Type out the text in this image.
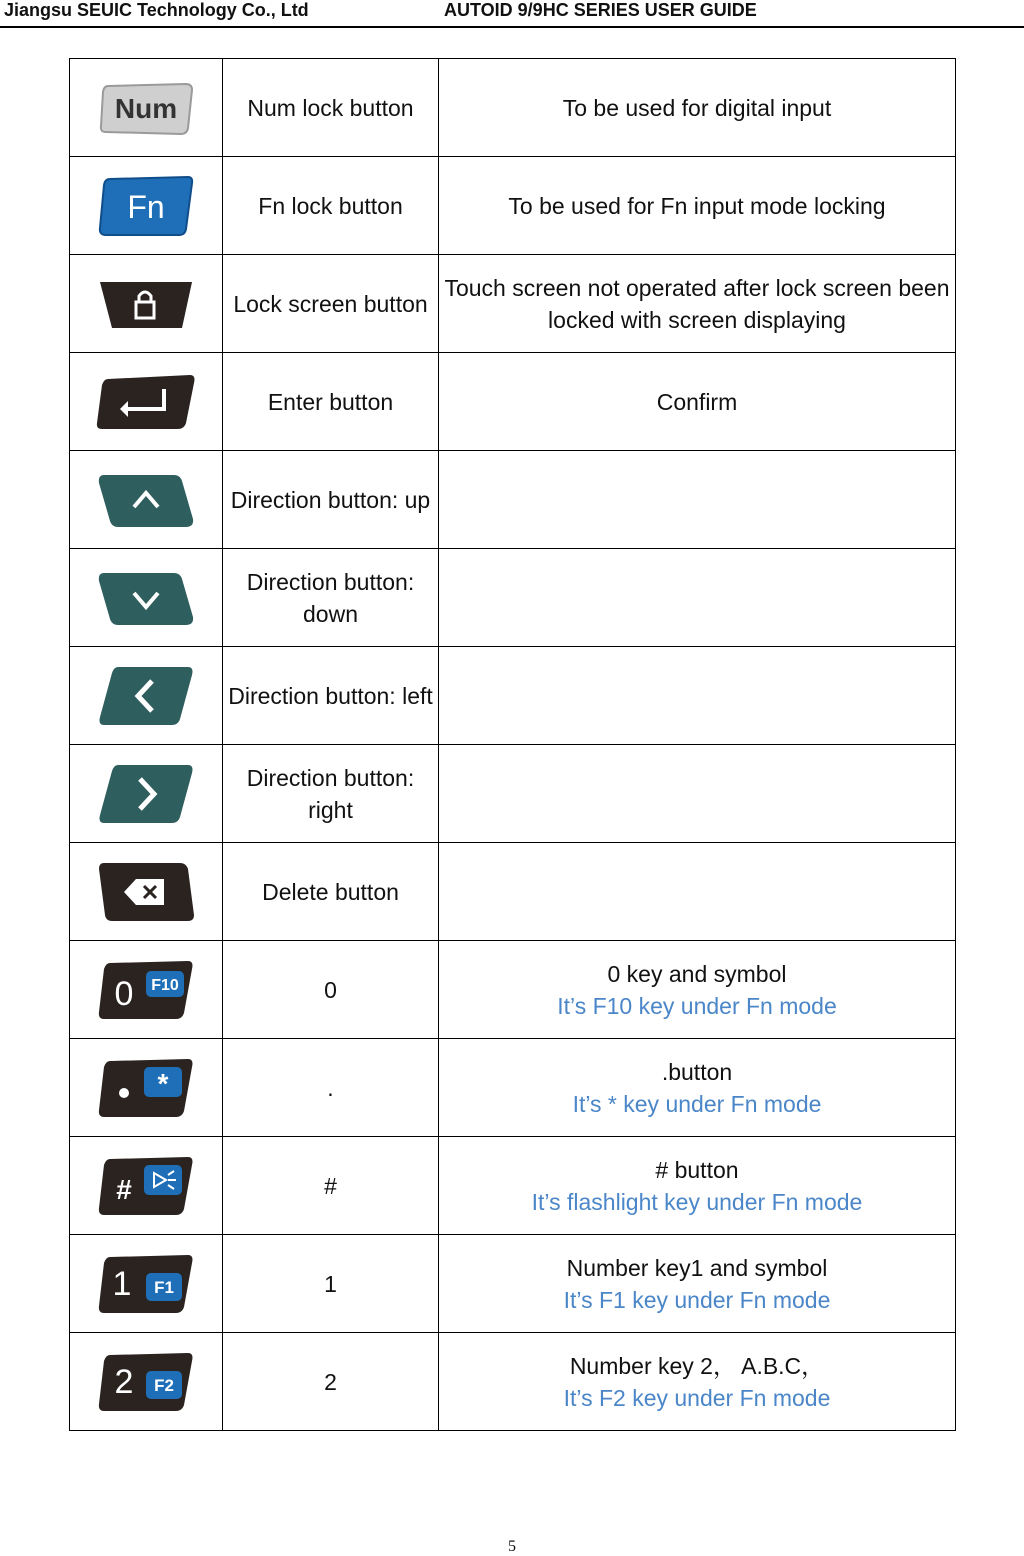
Jiangsu SEUIC Technology Co., Ltd	AUTOID 9/9HC SERIES USER GUIDE
Num	Num lock button	To be used for digital input

Fn	Fn lock button	To be used for Fn input mode locking

	Lock screen button	Touch screen not operated after lock screen been locked with screen displaying

	Enter button	Confirm

	Direction button: up	

	Direction button: down	

	Direction button: left	

	Direction button: right	

	Delete button	

0 F10	0	0 key and symbol
It’s F10 key under Fn mode

*	.	.button
It’s * key under Fn mode

#	#	# button
It’s flashlight key under Fn mode

1 F1	1	Number key1 and symbol
It’s F1 key under Fn mode

2 F2	2	Number key 2， A.B.C，
It’s F2 key under Fn mode
5
